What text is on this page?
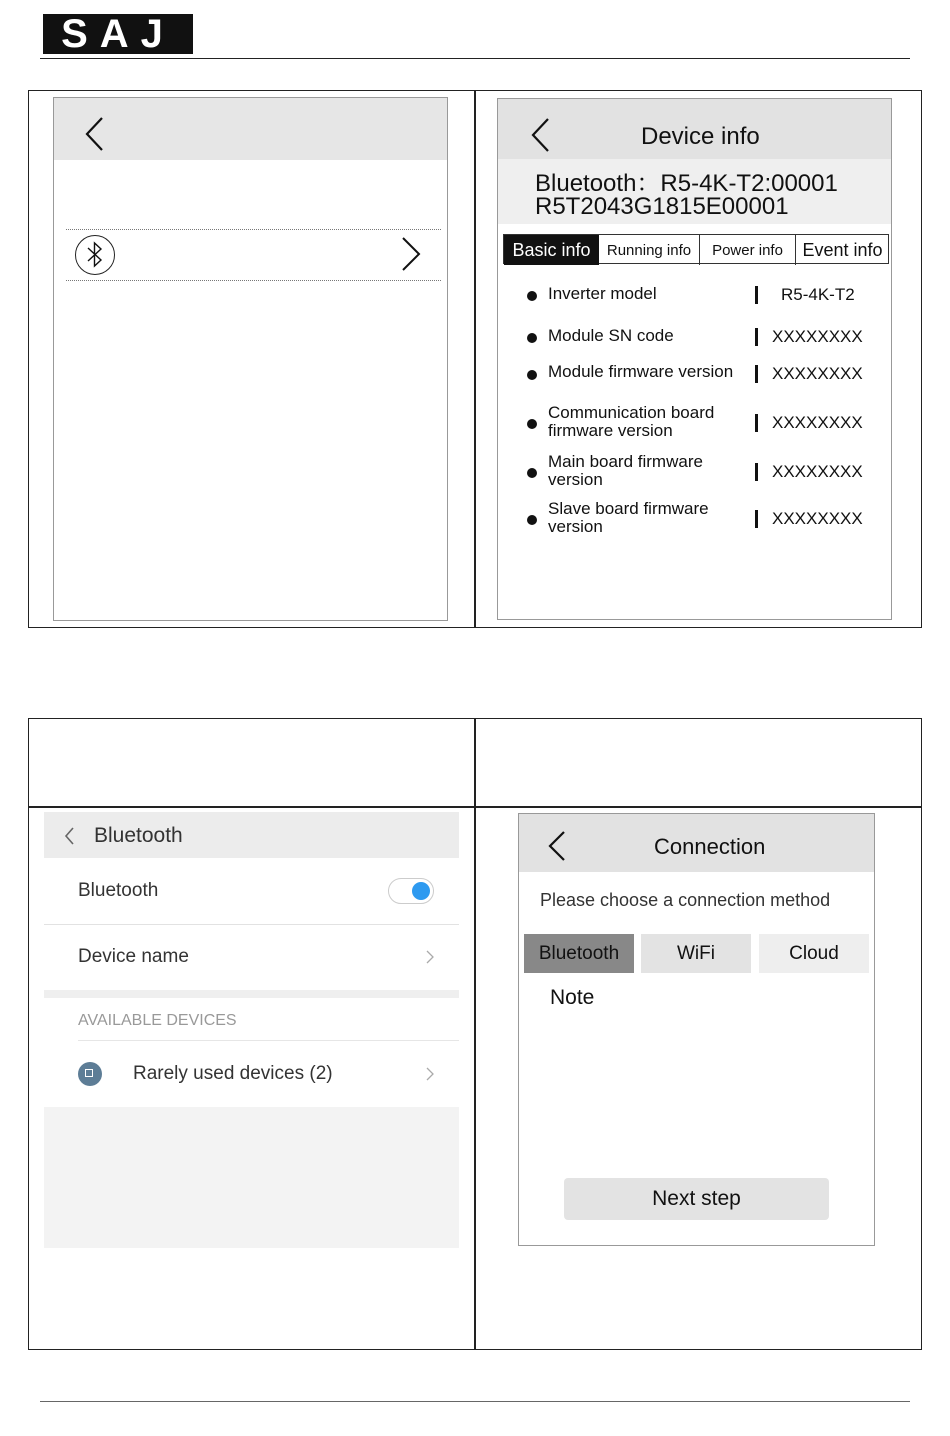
SAJ
Device info
Bluetooth：R5-4K-T2:00001
R5T2043G1815E00001
Basic info Running info Power info Event info
Inverter model	R5-4K-T2
Module SN code	XXXXXXXX
Module firmware version XXXXXXXX
Communication board
firmware version	XXXXXXXX
Main board firmware
version	XXXXXXXX
Slave board firmware
version	XXXXXXXX
Bluetooth
Bluetooth
Device name
AVAILABLE DEVICES
Rarely used devices (2)
Connection
Please choose a connection method
Bluetooth	WiFi	Cloud
Note
Next step
